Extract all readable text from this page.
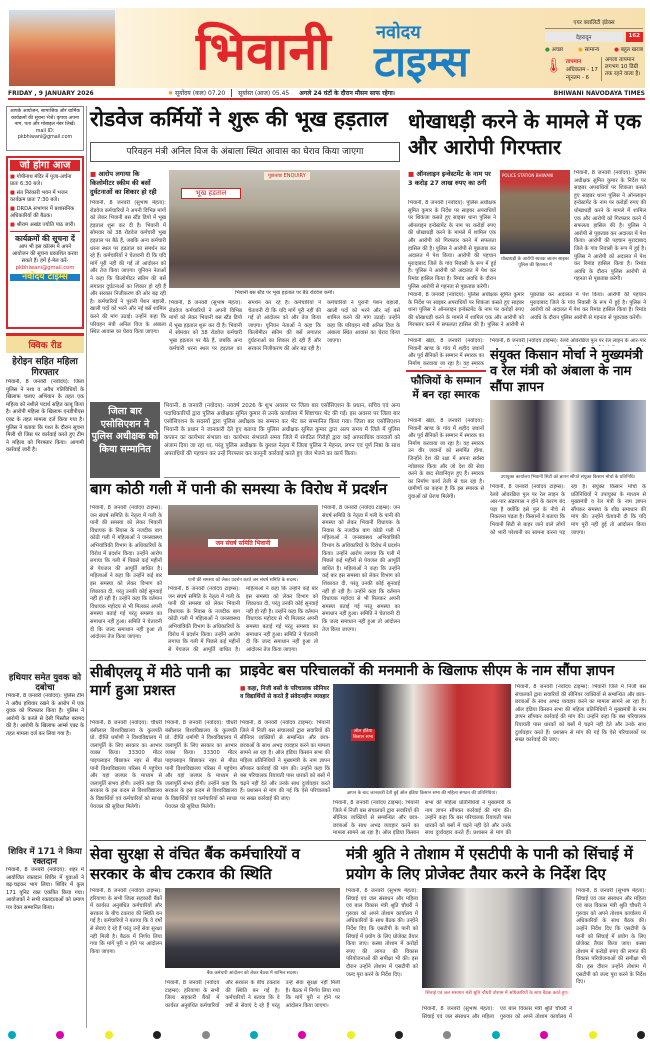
भिवानी	नवोदय
टाइम्स
एयर क्वालिटी इंडेक्स
देहरादून	162
● अच्छा	● सामान्य	● बहुत खराब
🌡 तापमान
अधिकतम - 17
न्यूनतम - 6
अगला तापमान लगभग 10 डिग्री तक रहने वाला है।
FRIDAY , 9 JANUARY 2026	✹ सूर्योदय (कल) 07.20	सूर्यास्त (आज) 05.45 अगले 24 घंटों के दौरान मौसम साफ रहेगा।	BHIWANI NAVODAYA TIMES
आपके आयोजन, सामाजिक और धार्मिक कार्यक्रमों की सूचना भेजें। कृपया अपना नाम, पता और मोबाइल नंबर लिखें।
mail ID: pkbhiwani@gmail.com
जो होगा आज
■ गोपीनाथ मंदिर में पूजा-अर्चना प्रातः 6:30 बजे।
■ संत निरंकारी भवन में भजन कार्यक्रम प्रातः 7:30 बजे।
■ DRDA सभागार में प्रशासनिक अधिकारियों की बैठक।
■ श्रीराम अखंड ज्योति पाठ जारी।
कार्यक्रमों की सूचना दें
आप भी इस कॉलम में अपने आयोजन की सूचना प्रकाशित करवा सकते हैं। हमें ई-मेल करें-
pkbhiwani@gmail.com
नवोदय टाइम्स
क्विक रीड
हेरोइन सहित महिला गिरफ्तार
भिवानी, 8 जनवरी (नवोदय): जिला पुलिस ने नशा व अवैध गतिविधियों के खिलाफ चलाए अभियान के तहत एक महिला को नशीले पदार्थ सहित काबू किया है। आरोपी महिला के खिलाफ एनडीपीएस एक्ट के तहत मामला दर्ज किया गया है। पुलिस ने बताया कि गश्त के दौरान सूचना मिली थी जिस पर कार्रवाई करते हुए टीम ने महिला को गिरफ्तार किया। आगामी कार्रवाई जारी है।
हथियार समेत युवक को दबोचा
भिवानी, 8 जनवरी (नवोदय): पुलिस टीम ने अवैध हथियार रखने के आरोप में एक युवक को गिरफ्तार किया है। पुलिस ने आरोपी के कब्जे से देसी पिस्तौल बरामद की है। आरोपी के खिलाफ आर्म्स एक्ट के तहत मामला दर्ज कर लिया गया है।
शिविर में 171 ने किया रक्तदान
भिवानी, 8 जनवरी (नवोदय): शहर में आयोजित रक्तदान शिविर में युवाओं ने बढ़-चढ़कर भाग लिया। शिविर में कुल 171 यूनिट रक्त एकत्रित किया गया। आयोजकों ने सभी रक्तदाताओं को प्रमाण पत्र देकर सम्मानित किया।
रोडवेज कर्मियों ने शुरू की भूख हड़ताल
परिवहन मंत्री अनिल विज के अंबाला स्थित आवास का घेराव किया जाएगा
■ आरोप लगाया कि किलोमीटर स्कीम की बसों दुर्घटनाओं का शिकार हो रही
भिवानी, 8 जनवरी (सुभाष मेहता): रोडवेज कर्मचारियों ने अपनी विभिन्न मांगों को लेकर भिवानी बस स्टैंड डिपो में भूख हड़ताल शुरू कर दी है। भिवानी में सोमवार को 38 रोडवेज कर्मचारी भूख हड़ताल पर बैठे हैं, जबकि अन्य कर्मचारी धरना स्थल पर हड़ताल का समर्थन कर रहे हैं। कर्मचारियों ने चेतावनी दी कि यदि मांगें पूरी नहीं की गईं तो आंदोलन को और तेज किया जाएगा। यूनियन नेताओं ने कहा कि किलोमीटर स्कीम की बसें लगातार दुर्घटनाओं का शिकार हो रही हैं और सरकार निजीकरण की ओर बढ़ रही है। कर्मचारियों ने पुरानी पेंशन बहाली, खाली पदों को भरने और नई बसें शामिल करने की मांग उठाई। उन्होंने कहा कि परिवहन मंत्री अनिल विज के अंबाला स्थित आवास का घेराव किया जाएगा।
भूख हड़ताल
पूछताछ ENQUIRY
भिवानी बस स्टैंड पर भूख हड़ताल पर बैठे रोडवेज कर्मी।
भिवानी, 8 जनवरी (सुभाष मेहता): रोडवेज कर्मचारियों ने अपनी विभिन्न मांगों को लेकर भिवानी बस स्टैंड डिपो में भूख हड़ताल शुरू कर दी है। भिवानी में सोमवार को 38 रोडवेज कर्मचारी भूख हड़ताल पर बैठे हैं, जबकि अन्य कर्मचारी धरना स्थल पर हड़ताल का समर्थन कर रहे हैं। कर्मचारियों ने चेतावनी दी कि यदि मांगें पूरी नहीं की गईं तो आंदोलन को और तेज किया जाएगा। यूनियन नेताओं ने कहा कि किलोमीटर स्कीम की बसें लगातार दुर्घटनाओं का शिकार हो रही हैं और सरकार निजीकरण की ओर बढ़ रही है। कर्मचारियों ने पुरानी पेंशन बहाली, खाली पदों को भरने और नई बसें शामिल करने की मांग उठाई। उन्होंने कहा कि परिवहन मंत्री अनिल विज के अंबाला स्थित आवास का घेराव किया जाएगा।
धोखाधड़ी करने के मामले में एक और आरोपी गिरफ्तार
■ ऑनलाइन इन्वेस्टमेंट के नाम पर 3 करोड़ 27 लाख रुपए का ठगी
भिवानी, 8 जनवरी (नवोदय): पुलिस अधीक्षक सुमित कुमार के निर्देश पर साइबर अपराधियों पर शिकंजा कसते हुए साइबर थाना पुलिस ने ऑनलाइन इन्वेस्टमेंट के नाम पर करोड़ों रुपए की धोखाधड़ी करने के मामले में शामिल एक और आरोपी को गिरफ्तार करने में सफलता हासिल की है। पुलिस ने आरोपी से पूछताछ कर अदालत में पेश किया। आरोपी की पहचान मुरादाबाद जिले के गांव निवासी के रूप में हुई है। पुलिस ने आरोपी को अदालत में पेश कर रिमांड हासिल किया है। रिमांड अवधि के दौरान पुलिस आरोपी से गहनता से पूछताछ करेगी।
POLICE STATION BHIWANI
धोखाधड़ी के आरोपी स्वतक जातम साइबर पुलिस की हिरासत में
भिवानी, 8 जनवरी (नवोदय): पुलिस अधीक्षक सुमित कुमार के निर्देश पर साइबर अपराधियों पर शिकंजा कसते हुए साइबर थाना पुलिस ने ऑनलाइन इन्वेस्टमेंट के नाम पर करोड़ों रुपए की धोखाधड़ी करने के मामले में शामिल एक और आरोपी को गिरफ्तार करने में सफलता हासिल की है। पुलिस ने आरोपी से पूछताछ कर अदालत में पेश किया। आरोपी की पहचान मुरादाबाद जिले के गांव निवासी के रूप में हुई है। पुलिस ने आरोपी को अदालत में पेश कर रिमांड हासिल किया है। रिमांड अवधि के दौरान पुलिस आरोपी से गहनता से पूछताछ करेगी।
भिवानी, 8 जनवरी (नवोदय): पुलिस अधीक्षक सुमित कुमार के निर्देश पर साइबर अपराधियों पर शिकंजा कसते हुए साइबर थाना पुलिस ने ऑनलाइन इन्वेस्टमेंट के नाम पर करोड़ों रुपए की धोखाधड़ी करने के मामले में शामिल एक और आरोपी को गिरफ्तार करने में सफलता हासिल की है। पुलिस ने आरोपी से पूछताछ कर अदालत में पेश किया। आरोपी की पहचान मुरादाबाद जिले के गांव निवासी के रूप में हुई है। पुलिस ने आरोपी को अदालत में पेश कर रिमांड हासिल किया है। रिमांड अवधि के दौरान पुलिस आरोपी से गहनता से पूछताछ करेगी।
जिला बार एसोसिएशन ने पुलिस अधीक्षक को किया सम्मानित
भिवानी, 8 जनवरी (नवोदय): नववर्ष 2026 के शुभ अवसर पर जिला बार एसोसिएशन के प्रधान, सचिव एवं अन्य पदाधिकारियों द्वारा पुलिस अधीक्षक सुमित कुमार से उनके कार्यालय में शिष्टाचार भेंट की गई। इस अवसर पर जिला बार एसोसिएशन के सदस्यों द्वारा पुलिस अधीक्षक का सम्मान कर भेंट कर सम्मानित किया गया। जिला बार एसोसिएशन भिवानी के प्रधान ने जानकारी देते हुए बताया कि पुलिस अधीक्षक सुमित कुमार द्वारा अल्प समय में जिले में पुलिस कप्तान का कार्यभार संभाला था। कार्यभार संभालते समय जिले में संगठित गिरोहों द्वारा कई आपराधिक वारदातों को अंजाम दिया जा रहा था, परंतु पुलिस अधीक्षक के कुशल नेतृत्व में जिला पुलिस ने मेहनत, लगन एवं पूर्ण निष्ठा के साथ अपराधियों की पहचान कर उन्हें गिरफ्तार कर कानूनी कार्रवाई करते हुए जेल भेजने का कार्य किया।
भिवानी खेड़ा, 8 जनवरी (नवोदय): भिवानी खण्ड के गांव में शहीद जवानों और पूर्व सैनिकों के सम्मान में स्मारक का निर्माण करवाया जा रहा है। यह स्मारक
फौजियों के सम्मान में बन रहा स्मारक
भिवानी खेड़ा, 8 जनवरी (नवोदय): भिवानी खण्ड के गांव में शहीद जवानों और पूर्व सैनिकों के सम्मान में स्मारक का निर्माण करवाया जा रहा है। यह स्मारक उन वीर जवानों को समर्पित होगा, जिन्होंने देश की रक्षा में अपना सर्वस्व न्योछावर किया और जो देश की सेवा करने के बाद सेवानिवृत्त हुए हैं। स्मारक का निर्माण कार्य तेजी से चल रहा है। ग्रामीणों का कहना है कि इस स्मारक से युवाओं को प्रेरणा मिलेगी।
भिवानी, 8 जनवरी (नवोदय टाइम्स): रेलवे ओवरब्रिज पुल पर रेल लाइन के आर-पार
संयुक्त किसान मोर्चा ने मुख्यमंत्री व रेल मंत्री को अंबाला के नाम सौंपा ज्ञापन
उपायुक्त कार्यालय भिवानी सिटी को ज्ञापन सौंपते संयुक्त किसान मोर्चा के प्रतिनिधि।
भिवानी, 8 जनवरी (नवोदय टाइम्स): रेलवे ओवरब्रिज पुल पर रेल लाइन के आर-पार अंडरपास न होने के कारण बंद पड़ा है क्योंकि इसे पुल के नीचे से निकलना पड़ता है। किसानों ने बताया कि भिवानी सिटी से बाहर जाने वाले लोगों को भारी परेशानी का सामना करना पड़ रहा है। संयुक्त किसान मोर्चा के प्रतिनिधियों ने उपायुक्त के माध्यम से मुख्यमंत्री व रेल मंत्री के नाम ज्ञापन सौंपकर समस्या के शीघ्र समाधान की मांग की। उन्होंने चेतावनी दी कि यदि मांग पूरी नहीं हुई तो आंदोलन किया जाएगा।
बाग कोठी गली में पानी की समस्या के विरोध में प्रदर्शन
भिवानी, 8 जनवरी (नवोदय टाइम्स): जन संघर्ष समिति के नेतृत्व में गली के पानी की समस्या को लेकर भिवानी विधायक के निवास के नजदीक बाग कोठी गली में महिलाओं ने जनस्वास्थ्य अभियांत्रिकी विभाग के अधिकारियों के विरोध में प्रदर्शन किया। उन्होंने आरोप लगाया कि गली में पिछले कई महीनों से पेयजल की आपूर्ति बाधित है। महिलाओं ने कहा कि उन्होंने कई बार इस समस्या को लेकर विभाग को शिकायत दी, परंतु उनकी कोई सुनवाई नहीं हो रही है। उन्होंने कहा कि वर्तमान विधायक महोदय से भी मिलकर अपनी समस्या बताई गई परंतु समस्या का समाधान नहीं हुआ। समिति ने चेतावनी दी कि जल्द समाधान नहीं हुआ तो आंदोलन तेज किया जाएगा।
जन संघर्ष समिति भिवानी
पानी की समस्या को लेकर प्रदर्शन करते जन संघर्ष समिति के सदस्य।
भिवानी, 8 जनवरी (नवोदय टाइम्स): जन संघर्ष समिति के नेतृत्व में गली के पानी की समस्या को लेकर भिवानी विधायक के निवास के नजदीक बाग कोठी गली में महिलाओं ने जनस्वास्थ्य अभियांत्रिकी विभाग के अधिकारियों के विरोध में प्रदर्शन किया। उन्होंने आरोप लगाया कि गली में पिछले कई महीनों से पेयजल की आपूर्ति बाधित है। महिलाओं ने कहा कि उन्होंने कई बार इस समस्या को लेकर विभाग को शिकायत दी, परंतु उनकी कोई सुनवाई नहीं हो रही है। उन्होंने कहा कि वर्तमान विधायक महोदय से भी मिलकर अपनी समस्या बताई गई परंतु समस्या का समाधान नहीं हुआ। समिति ने चेतावनी दी कि जल्द समाधान नहीं हुआ तो आंदोलन तेज किया जाएगा।
भिवानी, 8 जनवरी (नवोदय टाइम्स): जन संघर्ष समिति के नेतृत्व में गली के पानी की समस्या को लेकर भिवानी विधायक के निवास के नजदीक बाग कोठी गली में महिलाओं ने जनस्वास्थ्य अभियांत्रिकी विभाग के अधिकारियों के विरोध में प्रदर्शन किया। उन्होंने आरोप लगाया कि गली में पिछले कई महीनों से पेयजल की आपूर्ति बाधित है। महिलाओं ने कहा कि उन्होंने कई बार इस समस्या को लेकर विभाग को शिकायत दी, परंतु उनकी कोई सुनवाई नहीं हो रही है। उन्होंने कहा कि वर्तमान विधायक महोदय से भी मिलकर अपनी समस्या बताई गई परंतु समस्या का समाधान नहीं हुआ। समिति ने चेतावनी दी कि जल्द समाधान नहीं हुआ तो आंदोलन तेज किया जाएगा।
सीबीएलयू में मीठे पानी का मार्ग हुआ प्रशस्त
भिवानी, 8 जनवरी (नवोदय): चौधरी बंसीलाल विश्वविद्यालय के कुलपति प्रो. दीप्ति धर्माणी ने विश्वविद्यालय में जलापूर्ति के लिए सरकार का आभार व्यक्त किया। 33300 मीटर पाइपलाइन बिछाकर नहर से मीठा पानी विश्वविद्यालय परिसर में पहुंचेगा और यहां जलघर के माध्यम से जलापूर्ति संभव होगी। उन्होंने कहा कि सरकार के इस कदम से विश्वविद्यालय के विद्यार्थियों एवं कर्मचारियों को स्वच्छ पेयजल की सुविधा मिलेगी।
भिवानी, 8 जनवरी (नवोदय): चौधरी बंसीलाल विश्वविद्यालय के कुलपति प्रो. दीप्ति धर्माणी ने विश्वविद्यालय में जलापूर्ति के लिए सरकार का आभार व्यक्त किया। 33300 मीटर पाइपलाइन बिछाकर नहर से मीठा पानी विश्वविद्यालय परिसर में पहुंचेगा और यहां जलघर के माध्यम से जलापूर्ति संभव होगी। उन्होंने कहा कि सरकार के इस कदम से विश्वविद्यालय के विद्यार्थियों एवं कर्मचारियों को स्वच्छ पेयजल की सुविधा मिलेगी।
प्राइवेट बस परिचालकों की मनमानी के खिलाफ सीएम के नाम सौंपा ज्ञापन
■ कहा, निजी बसों के परिचालक सीनियर व विद्यार्थियों से करते हैं संवेदनहीन व्यवहार
भिवानी, 8 जनवरी (नवोदय टाइम्स): भिवानी जिले में निजी बस संचालकों द्वारा सवारियों की सीनियर व्यक्तियों से सम्बन्धित और छात्र-छात्राओं के साथ अभद्र व्यवहार करने का मामला सामने आ रहा है। ऑल इंडिया किसान सभा की महिला प्रतिनिधियों ने मुख्यमंत्री के नाम ज्ञापन सौंपकर कार्रवाई की मांग की। उन्होंने कहा कि बस परिचालक रियायती पास धारकों को बसों में चढ़ने नहीं देते और उनके साथ दुर्व्यवहार करते हैं। प्रशासन से मांग की गई कि ऐसे परिचालकों पर सख्त कार्रवाई की जाए।
ऑल इंडिया किसान सभा
ज्ञापन के बाद जानकारी देती हुई ऑल इंडिया किसान सभा की महिला संगठन की प्रतिनिधियां।
भिवानी, 8 जनवरी (नवोदय टाइम्स): भिवानी जिले में निजी बस संचालकों द्वारा सवारियों की सीनियर व्यक्तियों से सम्बन्धित और छात्र-छात्राओं के साथ अभद्र व्यवहार करने का मामला सामने आ रहा है। ऑल इंडिया किसान सभा की महिला प्रतिनिधियों ने मुख्यमंत्री के नाम ज्ञापन सौंपकर कार्रवाई की मांग की। उन्होंने कहा कि बस परिचालक रियायती पास धारकों को बसों में चढ़ने नहीं देते और उनके साथ दुर्व्यवहार करते हैं। प्रशासन से मांग की
भिवानी, 8 जनवरी (नवोदय टाइम्स): भिवानी जिले में निजी बस संचालकों द्वारा सवारियों की सीनियर व्यक्तियों से सम्बन्धित और छात्र-छात्राओं के साथ अभद्र व्यवहार करने का मामला सामने आ रहा है। ऑल इंडिया किसान सभा की महिला प्रतिनिधियों ने मुख्यमंत्री के नाम ज्ञापन सौंपकर कार्रवाई की मांग की। उन्होंने कहा कि बस परिचालक रियायती पास धारकों को बसों में चढ़ने नहीं देते और उनके साथ दुर्व्यवहार करते हैं। प्रशासन से मांग की गई कि ऐसे परिचालकों पर सख्त कार्रवाई की जाए।
सेवा सुरक्षा से वंचित बैंक कर्मचारियों व सरकार के बीच टकराव की स्थिति
भिवानी, 8 जनवरी (नवोदय टाइम्स): हरियाणा के सभी जिला सहकारी बैंकों में कार्यरत अनुबंधित कर्मचारियों और सरकार के बीच टकराव की स्थिति बन गई है। कर्मचारियों ने बताया कि वे वर्षों से सेवाएं दे रहे हैं परंतु उन्हें सेवा सुरक्षा नहीं मिली है। बैठक में निर्णय लिया गया कि मांगें पूरी न होने पर आंदोलन किया जाएगा।
बैंक कर्मचारी आंदोलन को लेकर बैठक में शामिल सदस्य।
भिवानी, 8 जनवरी (नवोदय टाइम्स): हरियाणा के सभी जिला सहकारी बैंकों में कार्यरत अनुबंधित कर्मचारियों और सरकार के बीच टकराव की स्थिति बन गई है। कर्मचारियों ने बताया कि वे वर्षों से सेवाएं दे रहे हैं परंतु उन्हें सेवा सुरक्षा नहीं मिली है। बैठक में निर्णय लिया गया कि मांगें पूरी न होने पर आंदोलन किया जाएगा।
मंत्री श्रुति ने तोशाम में एसटीपी के पानी को सिंचाई में प्रयोग के लिए प्रोजेक्ट तैयार करने के निर्देश दिए
भिवानी, 8 जनवरी (सुभाष मेहता): सिंचाई एवं जल संसाधन और महिला एवं बाल विकास मंत्री श्रुति चौधरी ने गुरुवार को अपने तोशाम कार्यालय में अधिकारियों के साथ बैठक की। उन्होंने निर्देश दिए कि एसटीपी के पानी को सिंचाई में प्रयोग के लिए प्रोजेक्ट तैयार किया जाए। कस्बा तोशाम में करोड़ों रुपए की लागत की विकास परियोजनाओं की समीक्षा भी की। इस दौरान उन्होंने तोशाम में एसटीपी को जल्द पूरा करने के निर्देश दिए।
सिंचाई एवं जल संसाधन मंत्री श्रुति चौधरी तोशाम में अधिकारियों के साथ बैठक करते हुए।
भिवानी, 8 जनवरी (सुभाष मेहता): सिंचाई एवं जल संसाधन और महिला एवं बाल विकास मंत्री श्रुति चौधरी ने गुरुवार को अपने तोशाम कार्यालय में
भिवानी, 8 जनवरी (सुभाष मेहता): सिंचाई एवं जल संसाधन और महिला एवं बाल विकास मंत्री श्रुति चौधरी ने गुरुवार को अपने तोशाम कार्यालय में अधिकारियों के साथ बैठक की। उन्होंने निर्देश दिए कि एसटीपी के पानी को सिंचाई में प्रयोग के लिए प्रोजेक्ट तैयार किया जाए। कस्बा तोशाम में करोड़ों रुपए की लागत की विकास परियोजनाओं की समीक्षा भी की। इस दौरान उन्होंने तोशाम में एसटीपी को जल्द पूरा करने के निर्देश दिए।
